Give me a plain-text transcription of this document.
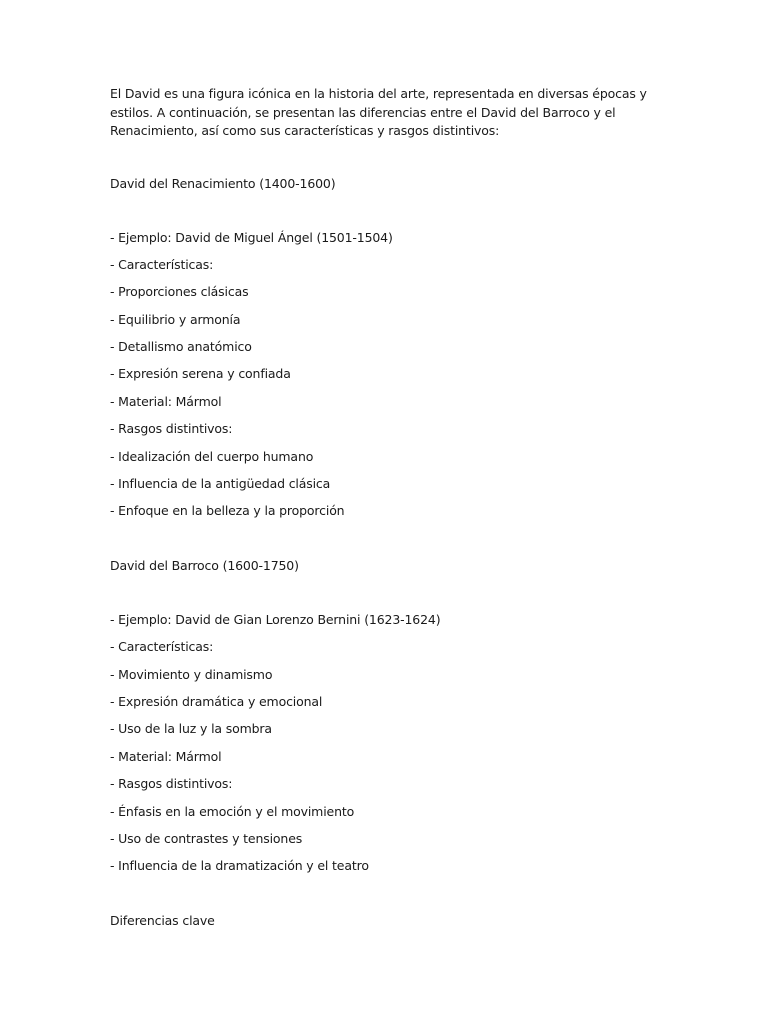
El David es una figura icónica en la historia del arte, representada en diversas épocas y estilos. A continuación, se presentan las diferencias entre el David del Barroco y el Renacimiento, así como sus características y rasgos distintivos:

David del Renacimiento (1400-1600)

- Ejemplo: David de Miguel Ángel (1501-1504)
- Características:
- Proporciones clásicas
- Equilibrio y armonía
- Detallismo anatómico
- Expresión serena y confiada
- Material: Mármol
- Rasgos distintivos:
- Idealización del cuerpo humano
- Influencia de la antigüedad clásica
- Enfoque en la belleza y la proporción

David del Barroco (1600-1750)

- Ejemplo: David de Gian Lorenzo Bernini (1623-1624)
- Características:
- Movimiento y dinamismo
- Expresión dramática y emocional
- Uso de la luz y la sombra
- Material: Mármol
- Rasgos distintivos:
- Énfasis en la emoción y el movimiento
- Uso de contrastes y tensiones
- Influencia de la dramatización y el teatro

Diferencias clave
